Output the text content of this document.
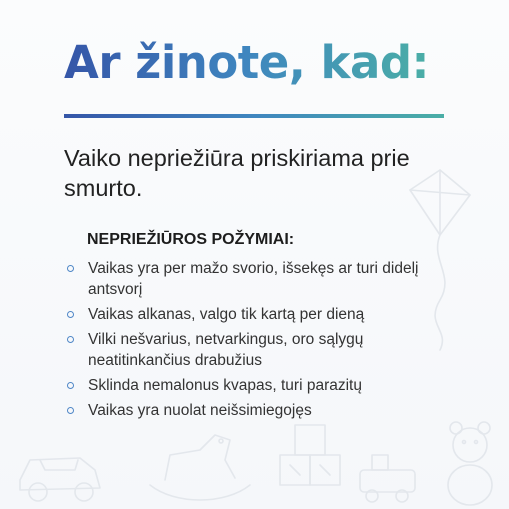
Ar žinote, kad:

Vaiko nepriežiūra priskiriama prie smurto.

NEPRIEŽIŪROS POŽYMIAI:
Vaikas yra per mažo svorio, išsekęs ar turi didelį antsvorį
Vaikas alkanas, valgo tik kartą per dieną
Vilki nešvarius, netvarkingus, oro sąlygų neatitinkančius drabužius
Sklinda nemalonus kvapas, turi parazitų
Vaikas yra nuolat neišsimiegojęs
